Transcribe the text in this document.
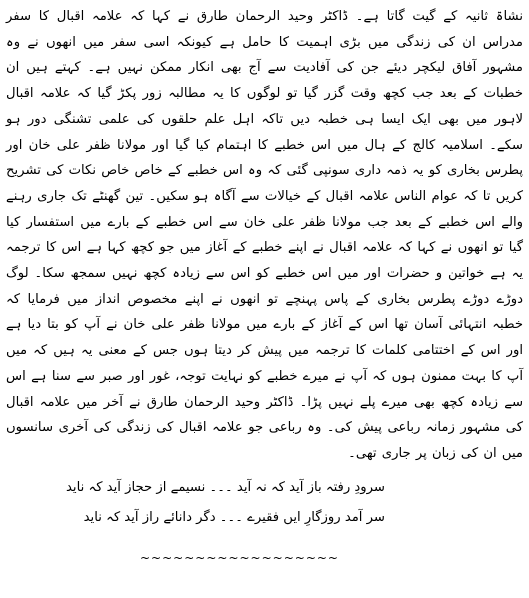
نشاۃ ثانیہ کے گیت گاتا ہے۔ ڈاکٹر وحید الرحمان طارق نے کہا کہ علامہ اقبال کا سفر مدراس ان کی زندگی میں بڑی اہمیت کا حامل ہے کیونکہ اسی سفر میں انھوں نے وہ مشہور آفاق لیکچر دیئے جن کی آفادیت سے آج بھی انکار ممکن نہیں ہے۔ کہتے ہیں ان خطبات کے بعد جب کچھ وقت گزر گیا تو لوگوں کا یہ مطالبہ زور پکڑ گیا کہ علامہ اقبال لاہور میں بھی ایک ایسا ہی خطبہ دیں تاکہ اہل علم حلقوں کی علمی تشنگی دور ہو سکے۔ اسلامیہ کالج کے ہال میں اس خطبے کا اہتمام کیا گیا اور مولانا ظفر علی خان اور پطرس بخاری کو یہ ذمہ داری سونپی گئی کہ وہ اس خطبے کے خاص خاص نکات کی تشریح کریں تا کہ عوام الناس علامہ اقبال کے خیالات سے آگاہ ہو سکیں۔ تین گھنٹے تک جاری رہنے والے اس خطبے کے بعد جب مولانا ظفر علی خان سے اس خطبے کے بارے میں استفسار کیا گیا تو انھوں نے کہا کہ علامہ اقبال نے اپنے خطبے کے آغاز میں جو کچھ کہا ہے اس کا ترجمہ یہ ہے خواتین و حضرات اور میں اس خطبے کو اس سے زیادہ کچھ نہیں سمجھ سکا۔ لوگ دوڑے دوڑے پطرس بخاری کے پاس پہنچے تو انھوں نے اپنے مخصوص انداز میں فرمایا کہ خطبہ انتہائی آسان تھا اس کے آغاز کے بارے میں مولانا ظفر علی خان نے آپ کو بتا دیا ہے اور اس کے اختتامی کلمات کا ترجمہ میں پیش کر دیتا ہوں جس کے معنی یہ ہیں کہ میں آپ کا بہت ممنون ہوں کہ آپ نے میرے خطبے کو نہایت توجہ، غور اور صبر سے سنا ہے اس سے زیادہ کچھ بھی میرے پلے نہیں پڑا۔ ڈاکٹر وحید الرحمان طارق نے آخر میں علامہ اقبال کی مشہور زمانہ رباعی پیش کی۔ وہ رباعی جو علامہ اقبال کی زندگی کی آخری سانسوں میں ان کی زبان پر جاری تھی۔

سرودِ رفتہ باز آید کہ نہ آید ۔۔۔ نسیمے از حجاز آید کہ ناید
سر آمد روزگارِ ایں فقیرے ۔۔۔ دگر دانائے راز آید کہ ناید
~~~~~~~~~~~~~~~~~~
